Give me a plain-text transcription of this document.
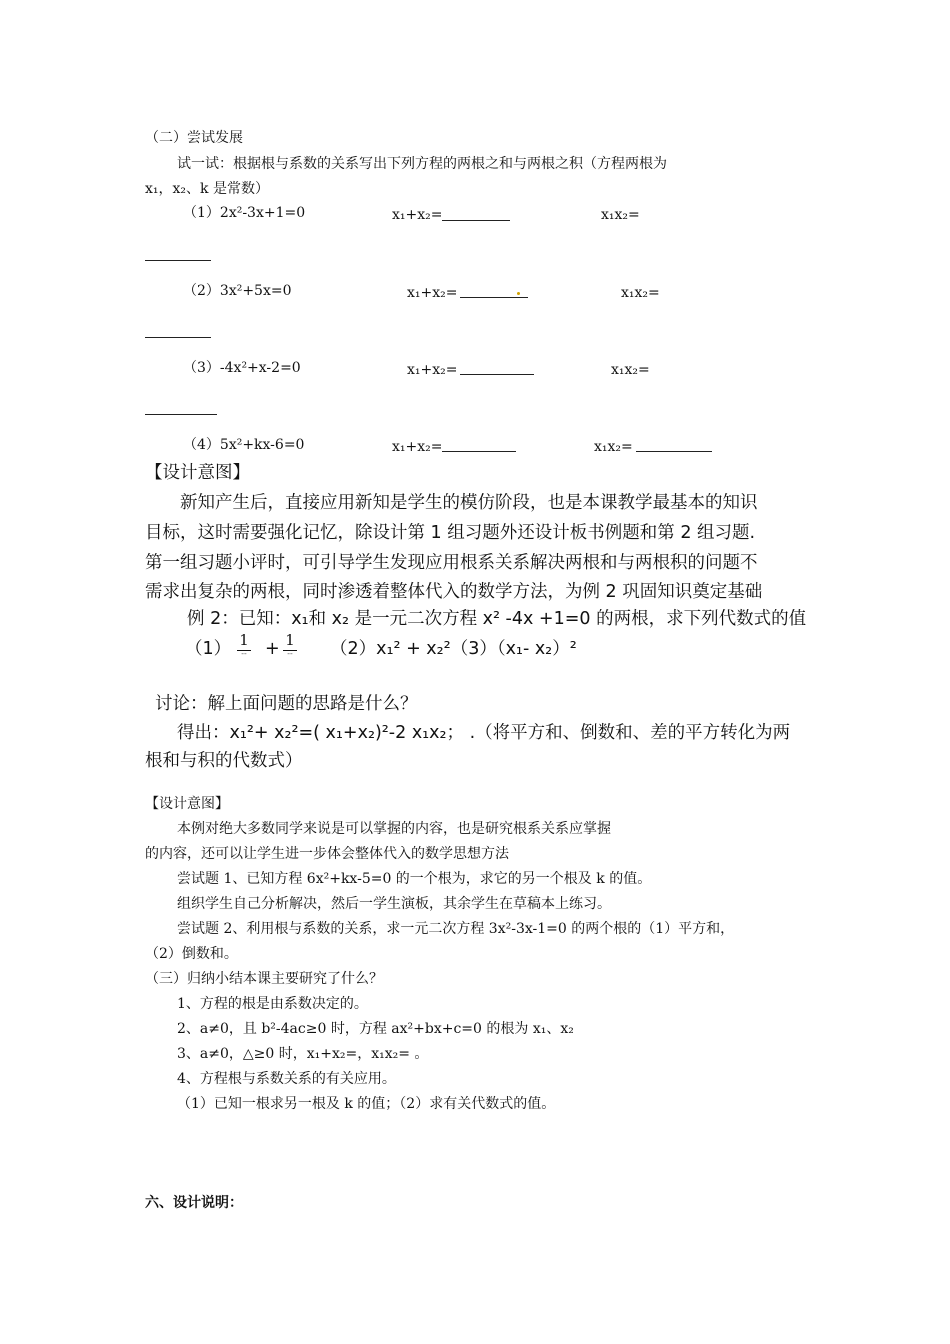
（二）尝试发展
试一试：根据根与系数的关系写出下列方程的两根之和与两根之积（方程两根为
x₁，x₂、k 是常数）
（1）2x²-3x+1=0	x₁+x₂=	x₁x₂=
（2）3x²+5x=0	x₁+x₂=	x₁x₂=
（3）-4x²+x-2=0	x₁+x₂=	x₁x₂=
（4）5x²+kx-6=0	x₁+x₂=	x₁x₂=
【设计意图】
新知产生后，直接应用新知是学生的模仿阶段，也是本课教学最基本的知识
目标，这时需要强化记忆，除设计第 1 组习题外还设计板书例题和第 2 组习题.
第一组习题小评时，可引导学生发现应用根系关系解决两根和与两根积的问题不
需求出复杂的两根，同时渗透着整体代入的数学方法，为例 2 巩固知识奠定基础
例 2：已知：x₁和 x₂ 是一元二次方程 x² -4x +1=0 的两根，求下列代数式的值
（1） 1
-- + 1
-- （2）x₁² + x₂²（3）（x₁- x₂）²
讨论：解上面问题的思路是什么？
得出：x₁²+ x₂²=( x₁+x₂)²-2 x₁x₂； .（将平方和、倒数和、差的平方转化为两
根和与积的代数式）
【设计意图】
本例对绝大多数同学来说是可以掌握的内容，也是研究根系关系应掌握
的内容，还可以让学生进一步体会整体代入的数学思想方法
尝试题 1、已知方程 6x²+kx-5=0 的一个根为，求它的另一个根及 k 的值。
组织学生自己分析解决，然后一学生演板，其余学生在草稿本上练习。
尝试题 2、利用根与系数的关系，求一元二次方程 3x²-3x-1=0 的两个根的（1）平方和，
（2）倒数和。
（三）归纳小结本课主要研究了什么？
1、方程的根是由系数决定的。
2、a≠0，且 b²-4ac≥0 时，方程 ax²+bx+c=0 的根为 x₁、x₂
3、a≠0，△≥0 时，x₁+x₂=，x₁x₂= 。
4、方程根与系数关系的有关应用。
（1）已知一根求另一根及 k 的值；（2）求有关代数式的值。
六、设计说明：
